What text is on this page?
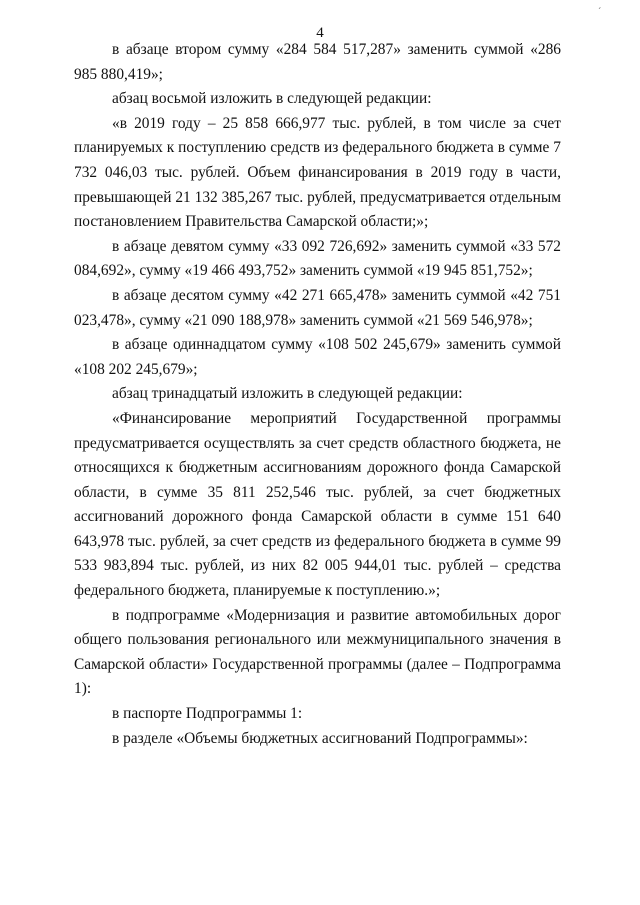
ˊ
4

в абзаце втором сумму «284 584 517,287» заменить суммой «286 985 880,419»;

абзац восьмой изложить в следующей редакции:

«в 2019 году – 25 858 666,977 тыс. рублей, в том числе за счет планируемых к поступлению средств из федерального бюджета в сумме 7 732 046,03 тыс. рублей. Объем финансирования в 2019 году в части, превышающей 21 132 385,267 тыс. рублей, предусматривается отдельным постановлением Правительства Самарской области;»;

в абзаце девятом сумму «33 092 726,692» заменить суммой «33 572 084,692», сумму «19 466 493,752» заменить суммой «19 945 851,752»;

в абзаце десятом сумму «42 271 665,478» заменить суммой «42 751 023,478», сумму «21 090 188,978» заменить суммой «21 569 546,978»;

в абзаце одиннадцатом сумму «108 502 245,679» заменить суммой «108 202 245,679»;

абзац тринадцатый изложить в следующей редакции:

«Финансирование мероприятий Государственной программы предусматривается осуществлять за счет средств областного бюджета, не относящихся к бюджетным ассигнованиям дорожного фонда Самарской области, в сумме 35 811 252,546 тыс. рублей, за счет бюджетных ассигнований дорожного фонда Самарской области в сумме 151 640 643,978 тыс. рублей, за счет средств из федерального бюджета в сумме 99 533 983,894 тыс. рублей, из них 82 005 944,01 тыс. рублей – средства федерального бюджета, планируемые к поступлению.»;

в подпрограмме «Модернизация и развитие автомобильных дорог общего пользования регионального или межмуниципального значения в Самарской области» Государственной программы (далее – Подпрограмма 1):

в паспорте Подпрограммы 1:

в разделе «Объемы бюджетных ассигнований Подпрограммы»:
